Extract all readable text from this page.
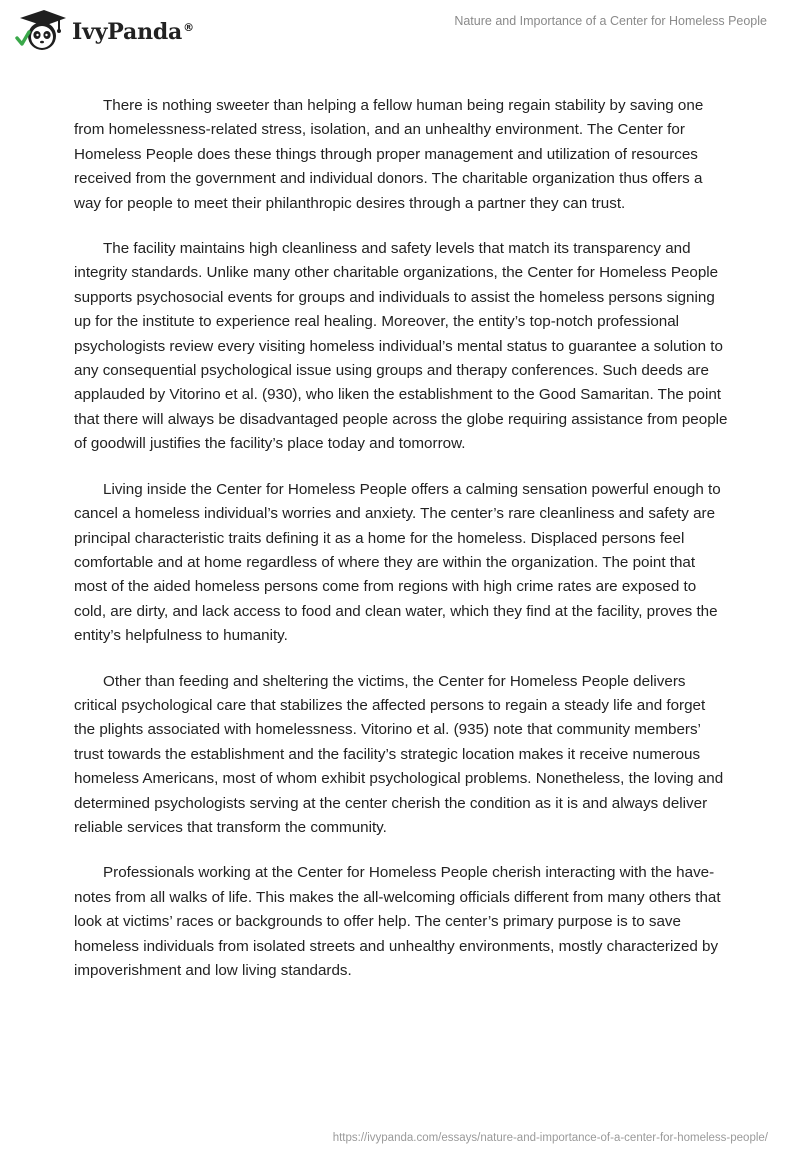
IvyPanda®	Nature and Importance of a Center for Homeless People

There is nothing sweeter than helping a fellow human being regain stability by saving one from homelessness-related stress, isolation, and an unhealthy environment. The Center for Homeless People does these things through proper management and utilization of resources received from the government and individual donors. The charitable organization thus offers a way for people to meet their philanthropic desires through a partner they can trust.

The facility maintains high cleanliness and safety levels that match its transparency and integrity standards. Unlike many other charitable organizations, the Center for Homeless People supports psychosocial events for groups and individuals to assist the homeless persons signing up for the institute to experience real healing. Moreover, the entity’s top-notch professional psychologists review every visiting homeless individual’s mental status to guarantee a solution to any consequential psychological issue using groups and therapy conferences. Such deeds are applauded by Vitorino et al. (930), who liken the establishment to the Good Samaritan. The point that there will always be disadvantaged people across the globe requiring assistance from people of goodwill justifies the facility’s place today and tomorrow.

Living inside the Center for Homeless People offers a calming sensation powerful enough to cancel a homeless individual’s worries and anxiety. The center’s rare cleanliness and safety are principal characteristic traits defining it as a home for the homeless. Displaced persons feel comfortable and at home regardless of where they are within the organization. The point that most of the aided homeless persons come from regions with high crime rates are exposed to cold, are dirty, and lack access to food and clean water, which they find at the facility, proves the entity’s helpfulness to humanity.

Other than feeding and sheltering the victims, the Center for Homeless People delivers critical psychological care that stabilizes the affected persons to regain a steady life and forget the plights associated with homelessness. Vitorino et al. (935) note that community members’ trust towards the establishment and the facility’s strategic location makes it receive numerous homeless Americans, most of whom exhibit psychological problems. Nonetheless, the loving and determined psychologists serving at the center cherish the condition as it is and always deliver reliable services that transform the community.

Professionals working at the Center for Homeless People cherish interacting with the have-notes from all walks of life. This makes the all-welcoming officials different from many others that look at victims’ races or backgrounds to offer help. The center’s primary purpose is to save homeless individuals from isolated streets and unhealthy environments, mostly characterized by impoverishment and low living standards.

https://ivypanda.com/essays/nature-and-importance-of-a-center-for-homeless-people/
